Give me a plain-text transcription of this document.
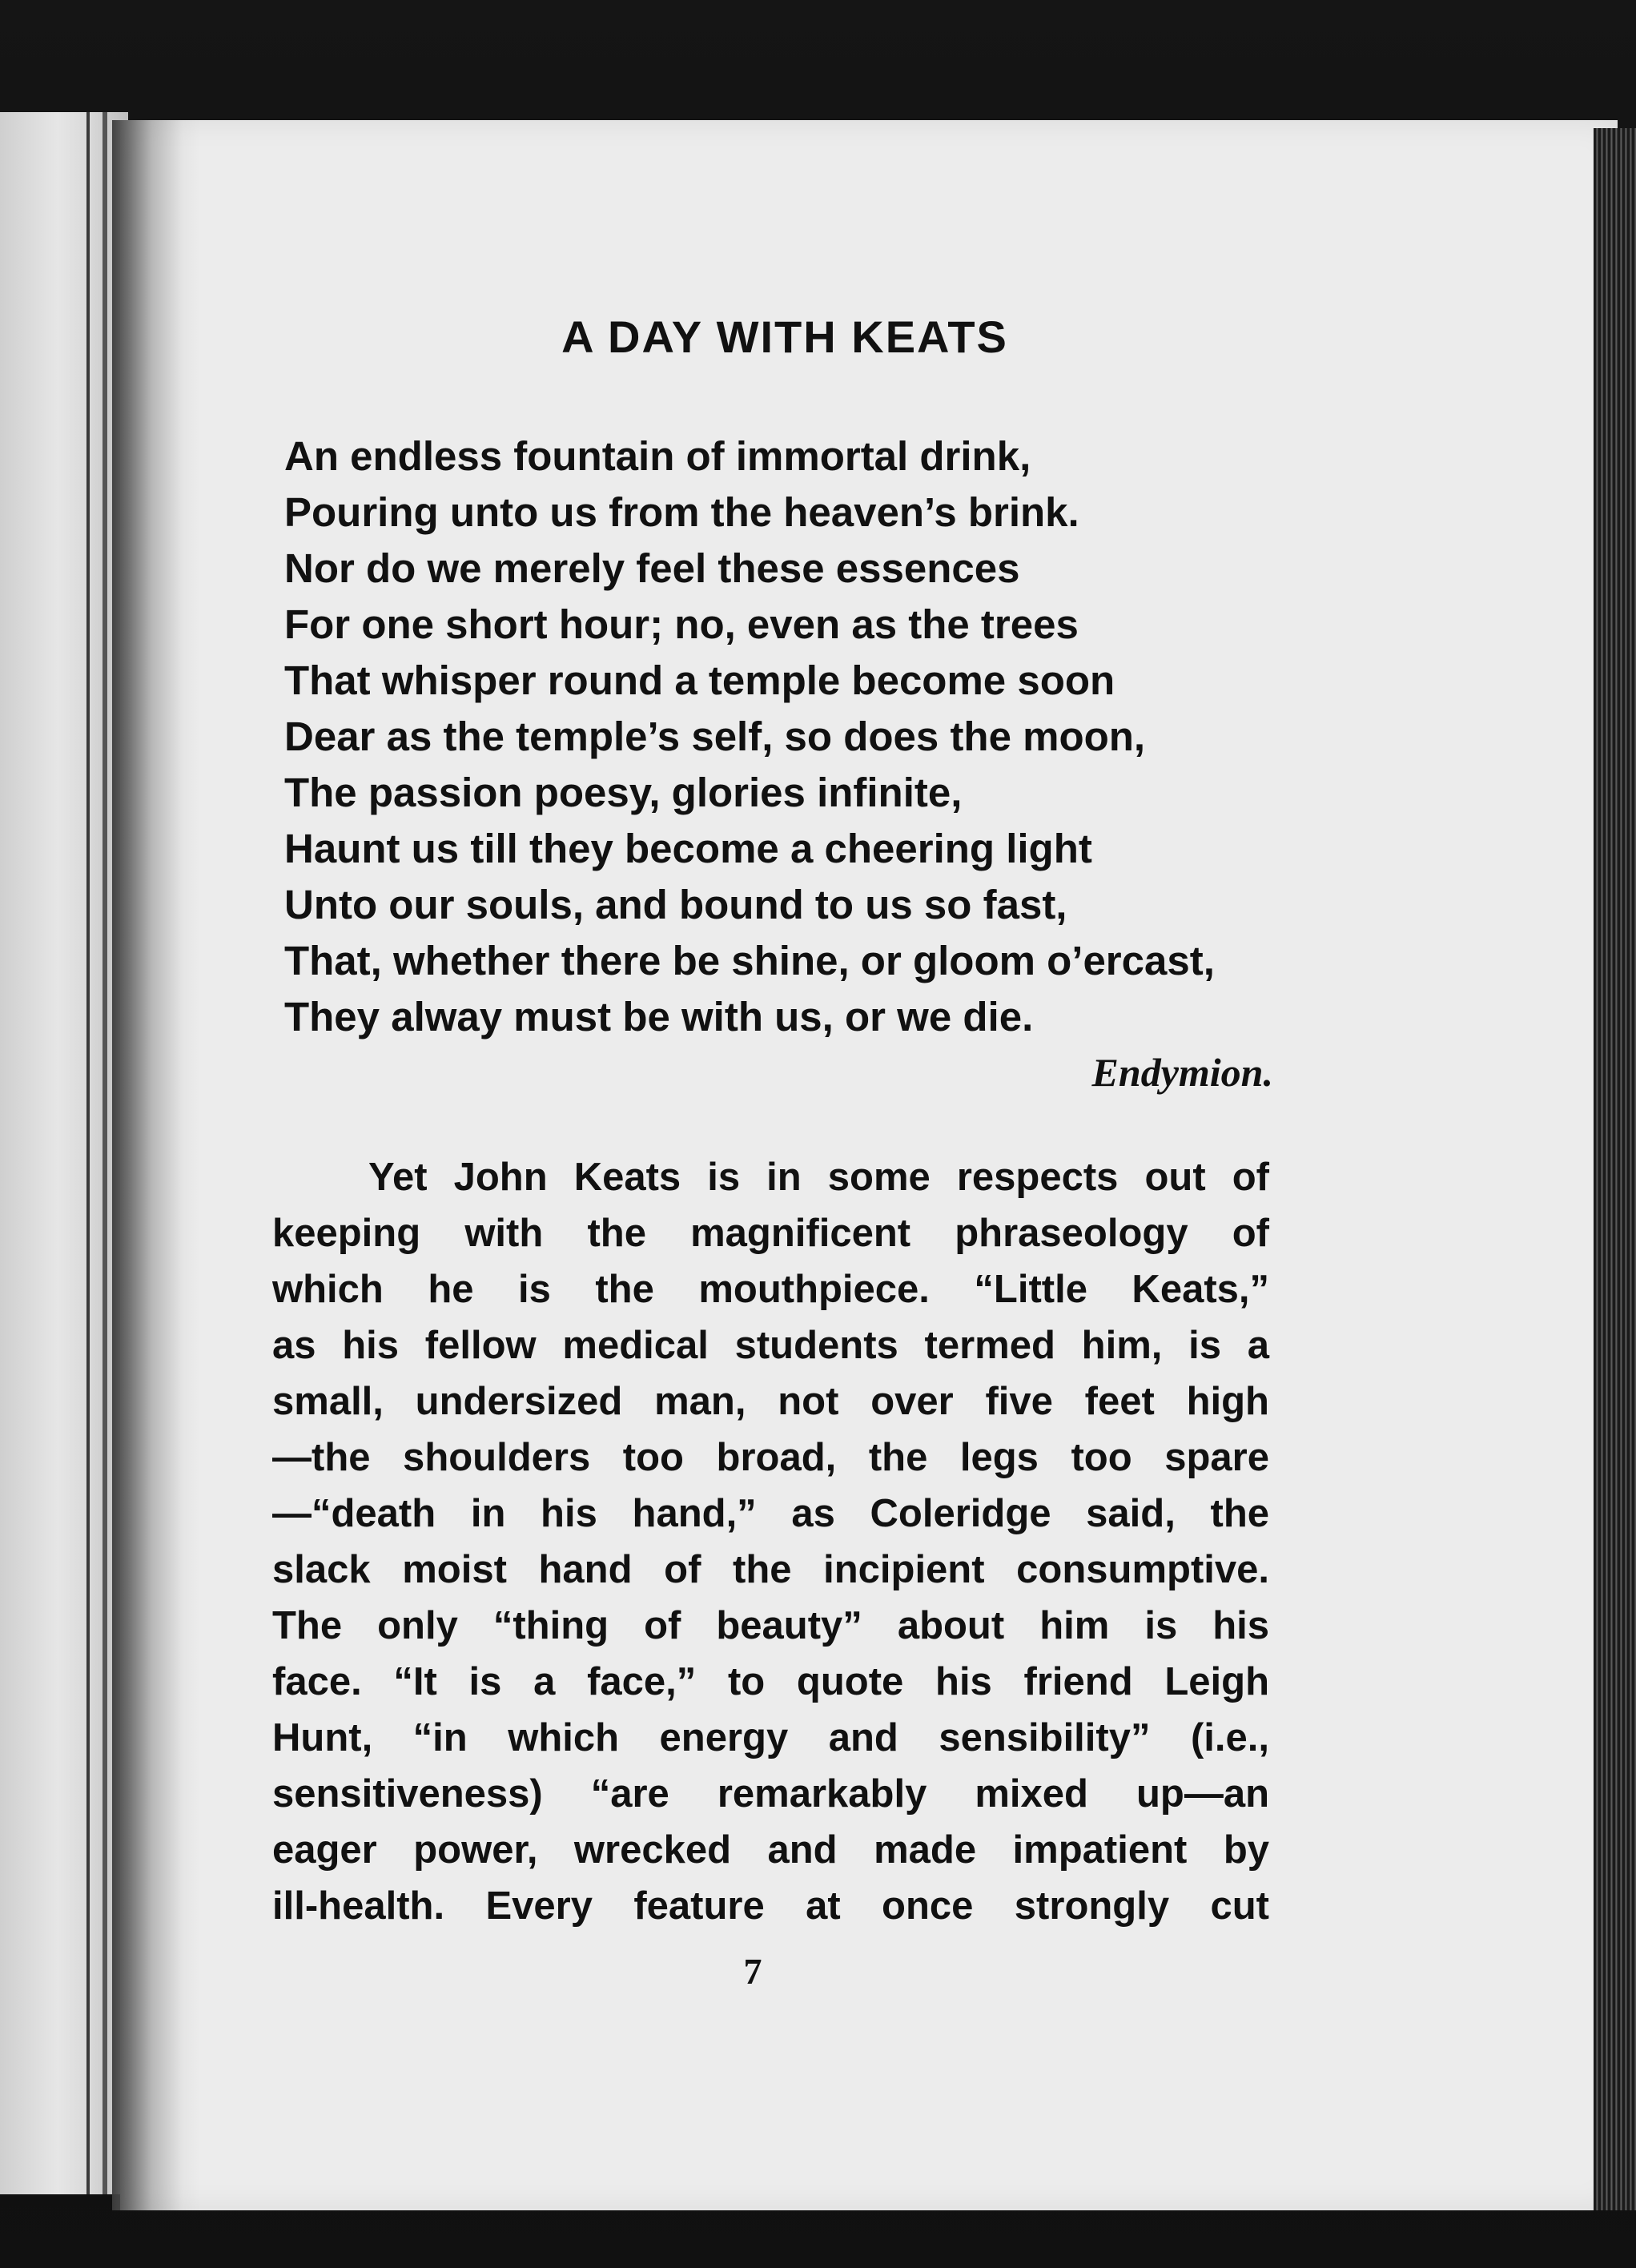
A DAY WITH KEATS
An endless fountain of immortal drink,
Pouring unto us from the heaven’s brink.
Nor do we merely feel these essences
For one short hour; no, even as the trees
That whisper round a temple become soon
Dear as the temple’s self, so does the moon,
The passion poesy, glories infinite,
Haunt us till they become a cheering light
Unto our souls, and bound to us so fast,
That, whether there be shine, or gloom o’ercast,
They alway must be with us, or we die.
Endymion.
Yet John Keats is in some respects out of
keeping with the magnificent phraseology of
which he is the mouthpiece. “Little Keats,”
as his fellow medical students termed him, is a
small, undersized man, not over five feet high
—the shoulders too broad, the legs too spare
—“death in his hand,” as Coleridge said, the
slack moist hand of the incipient consumptive.
The only “thing of beauty” about him is his
face. “It is a face,” to quote his friend Leigh
Hunt, “in which energy and sensibility” (i.e.,
sensitiveness) “are remarkably mixed up—an
eager power, wrecked and made impatient by
ill-health. Every feature at once strongly cut
7
